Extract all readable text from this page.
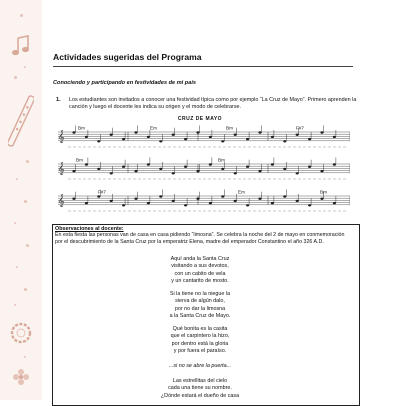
Actividades sugeridas del Programa
Conociendo y participando en festividades de mi país
1. Los estudiantes son invitados a conocer una festividad típica como por ejemplo “La Cruz de Mayo”. Primero aprenden la canción y luego el docente les indica su origen y el modo de celebrarse.
CRUZ DE MAYO
𝄞
𝄞
𝄞
Bm	Em	Bm	F#7
Bm	Bm
F#7	Em	Bm
Observaciones al docente:
En esta fiesta las personas van de casa en casa pidiendo “limosna”. Se celebra la noche del 2 de mayo en conmemoración por el descubrimiento de la Santa Cruz por la emperatriz Elena, madre del emperador Constantino el año 326 A.D.
Aquí anda la Santa Cruz
visitando a sus devotos,
con un cabito de vela
y un cantarito de mosto.
Si la tiene no la niegue la
sierva de algún dalo,
por no dar la limosna
a la Santa Cruz de Mayo.
Qué bonita es la casita
que el carpintero la hizo,
por dentro está la gloria
y por fuera el paraíso.
...si no se abre la puerta...
Las estrellitas del cielo
cada una tiene su nombre.
¿Dónde estará el dueño de casa
